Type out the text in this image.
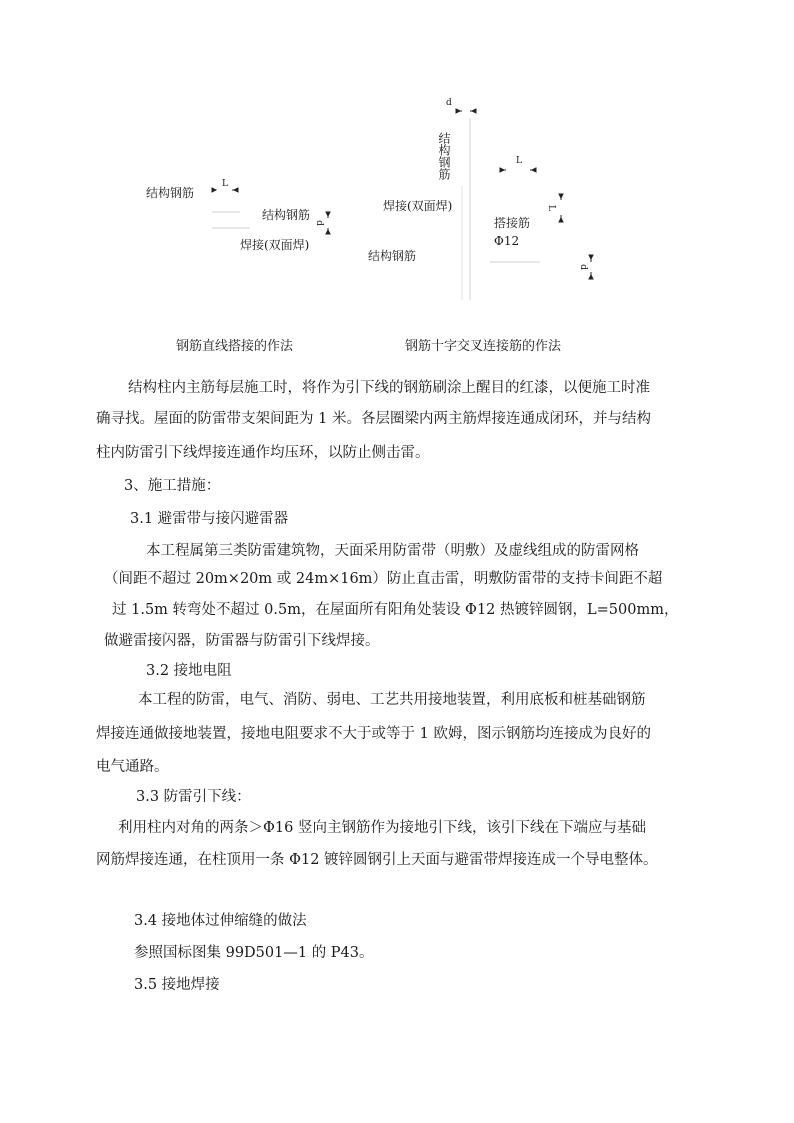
结构钢筋
L
结构钢筋
d
焊接(双面焊)
d
结构钢筋	L
焊接(双面焊)
搭接筋
Φ12
L
结构钢筋
d
钢筋直线搭接的作法	钢筋十字交叉连接筋的作法
结构柱内主筋每层施工时，将作为引下线的钢筋刷涂上醒目的红漆，以便施工时准
确寻找。屋面的防雷带支架间距为 1 米。各层圈梁内两主筋焊接连通成闭环，并与结构
柱内防雷引下线焊接连通作均压环，以防止侧击雷。
3、施工措施：
3.1 避雷带与接闪避雷器
本工程属第三类防雷建筑物，天面采用防雷带（明敷）及虚线组成的防雷网格
（间距不超过 20m×20m 或 24m×16m）防止直击雷，明敷防雷带的支持卡间距不超
过 1.5m 转弯处不超过 0.5m，在屋面所有阳角处装设 Φ12 热镀锌圆钢，L=500mm，
做避雷接闪器，防雷器与防雷引下线焊接。
3.2 接地电阻
本工程的防雷，电气、消防、弱电、工艺共用接地装置，利用底板和桩基础钢筋
焊接连通做接地装置，接地电阻要求不大于或等于 1 欧姆，图示钢筋均连接成为良好的
电气通路。
3.3 防雷引下线：
利用柱内对角的两条＞Φ16 竖向主钢筋作为接地引下线，该引下线在下端应与基础
网筋焊接连通，在柱顶用一条 Φ12 镀锌圆钢引上天面与避雷带焊接连成一个导电整体。
3.4 接地体过伸缩缝的做法
参照国标图集 99D501—1 的 P43。
3.5 接地焊接
